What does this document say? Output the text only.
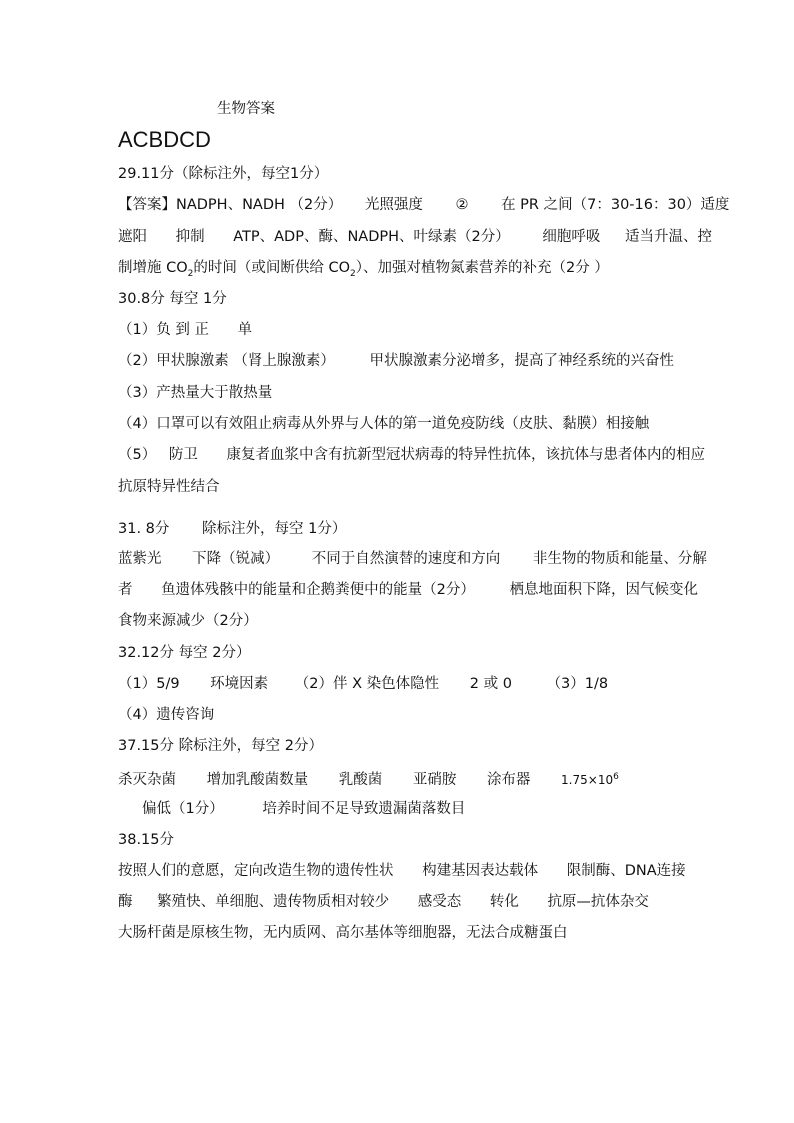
生物答案
ACBDCD
29.11分（除标注外，每空1分）
【答案】NADPH、NADH （2分） 光照强度 ② 在 PR 之间（7：30-16：30）适度
遮阳 抑制 ATP、ADP、酶、NADPH、叶绿素（2分） 细胞呼吸 适当升温、控
制增施 $CO_2$的时间（或间断供给 $CO_2$）、加强对植物氮素营养的补充（2分 ）
30.8分 每空 1分
（1）负 到 正 单
（2）甲状腺激素 （肾上腺激素） 甲状腺激素分泌增多，提高了神经系统的兴奋性
（3）产热量大于散热量
（4）口罩可以有效阻止病毒从外界与人体的第一道免疫防线（皮肤、黏膜）相接触
（5） 防卫 康复者血浆中含有抗新型冠状病毒的特异性抗体，该抗体与患者体内的相应
抗原特异性结合
31. 8分 除标注外，每空 1分）
蓝紫光 下降（锐减） 不同于自然演替的速度和方向 非生物的物质和能量、分解
者 鱼遗体残骸中的能量和企鹅粪便中的能量（2分） 栖息地面积下降，因气候变化
食物来源减少（2分）
32.12分 每空 2分）
（1）5/9 环境因素 （2）伴 X 染色体隐性 2 或 0 （3）1/8
（4）遗传咨询
37.15分 除标注外，每空 2分）
杀灭杂菌 增加乳酸菌数量 乳酸菌 亚硝胺 涂布器	$1.75\times 10^6$
偏低（1分）	培养时间不足导致遗漏菌落数目
38.15分
按照人们的意愿，定向改造生物的遗传性状 构建基因表达载体 限制酶、DNA连接
酶 繁殖快、单细胞、遗传物质相对较少 感受态 转化 抗原—抗体杂交
大肠杆菌是原核生物，无内质网、高尔基体等细胞器，无法合成糖蛋白
